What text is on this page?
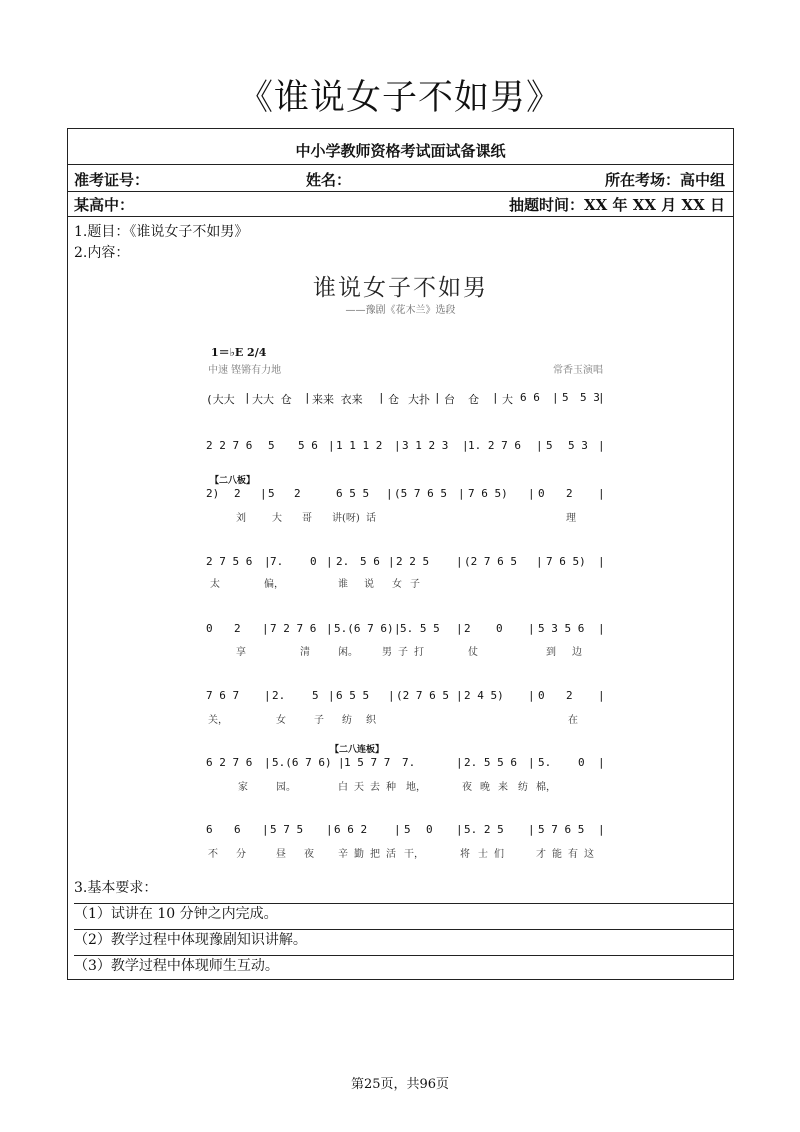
《谁说女子不如男》
中小学教师资格考试面试备课纸
准考证号：	姓名：	所在考场：高中组
某高中：	抽题时间：XX 年 XX 月 XX 日
1.题目：《谁说女子不如男》
2.内容：
谁说女子不如男
——豫剧《花木兰》选段
1＝♭E 2/4
中速 铿锵有力地	常香玉演唱
(大大 | 大大 仓 | 来来 衣来 | 仓 大扑 | 台 仓 | 大 6 6 | 5 5 3
|
2 2 7 6 5 5 6 | 1 1 1 2 | 3 1 2 3 | 1. 2 7 6 | 5 5 3 |
【二八板】
2) 2 | 5 2	6 5 5 | (5 7 6 5 | 7 6 5) | 0 2 |
刘	大 哥 讲(呀) 话	理
2 7 5 6 | 7. 0 | 2. 5 6 | 2 2 5 | (2 7 6 5 | 7 6 5) |
太	偏，	谁 说 女 子
0 2 | 7 2 7 6 | 5.(6 7 6) | 5. 5 5 | 2 0 | 5 3 5 6 |
享	清	闲。 男 子 打	仗	到 边
7 6 7 | 2. 5 | 6 5 5 | (2 7 6 5 | 2 4 5) | 0 2 |
关，	女	子 纺 织	在
【二八连板】
6 2 7 6 | 5.(6 7 6) | 1 5 7 7 7.	| 2. 5 5 6 | 5. 0 |
家	园。	白 天 去 种 地，	夜 晚 来 纺 棉，
6 6 | 5 7 5 | 6 6 2 | 5 0 | 5. 2 5 | 5 7 6 5 |
不 分	昼 夜 辛 勤 把 活 干，	将 士 们	才 能 有 这
3.基本要求：
（1）试讲在 10 分钟之内完成。
（2）教学过程中体现豫剧知识讲解。
（3）教学过程中体现师生互动。
第25页，共96页
